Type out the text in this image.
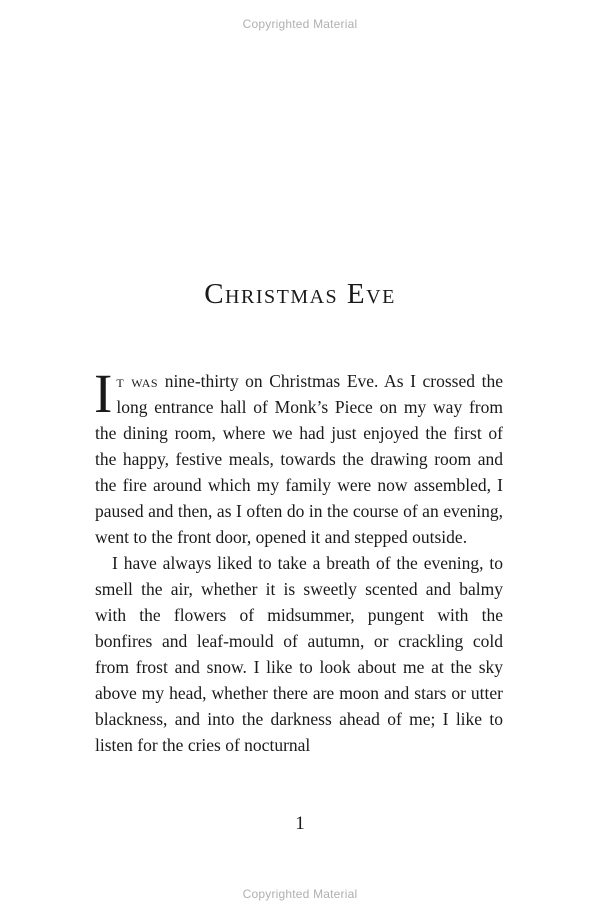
Copyrighted Material
Christmas Eve

It was nine-thirty on Christmas Eve. As I crossed the long entrance hall of Monk’s Piece on my way from the dining room, where we had just enjoyed the first of the happy, festive meals, towards the drawing room and the fire around which my family were now assembled, I paused and then, as I often do in the course of an evening, went to the front door, opened it and stepped outside.

I have always liked to take a breath of the evening, to smell the air, whether it is sweetly scented and balmy with the flowers of midsummer, pungent with the bonfires and leaf-mould of autumn, or crackling cold from frost and snow. I like to look about me at the sky above my head, whether there are moon and stars or utter blackness, and into the darkness ahead of me; I like to listen for the cries of nocturnal

1
Copyrighted Material
